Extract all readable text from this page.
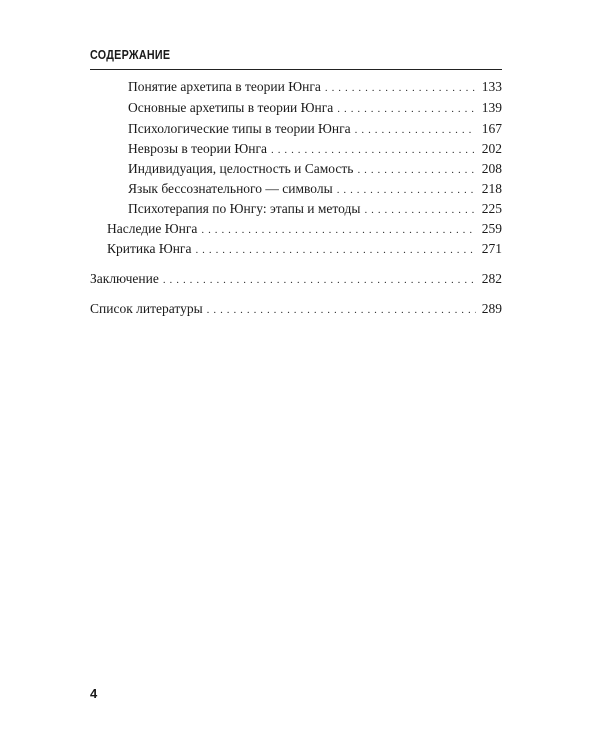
СОДЕРЖАНИЕ
Понятие архетипа в теории Юнга . . .	133
Основные архетипы в теории Юнга . . .	139
Психологические типы в теории Юнга . . .	167
Неврозы в теории Юнга . . .	202
Индивидуация, целостность и Самость . . .	208
Язык бессознательного — символы . . .	218
Психотерапия по Юнгу: этапы и методы . . .	225
Наследие Юнга . . .	259
Критика Юнга . . .	271
Заключение . . .	282
Список литературы . . .	289
4
